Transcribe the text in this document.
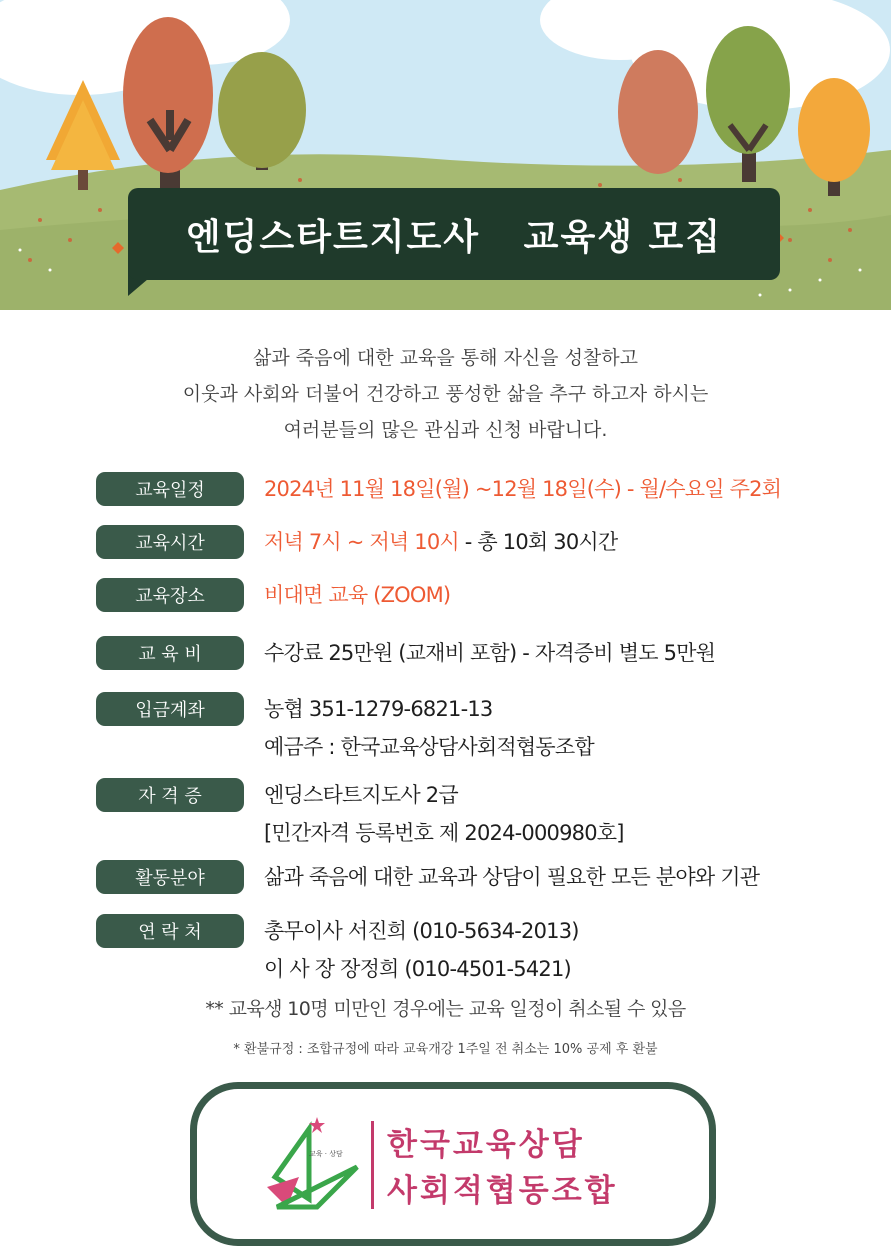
엔딩스타트지도사   교육생 모집
삶과 죽음에 대한 교육을 통해 자신을 성찰하고
이웃과 사회와 더불어 건강하고 풍성한 삶을 추구 하고자 하시는
여러분들의 많은 관심과 신청 바랍니다.
교육일정	2024년 11월 18일(월) ~12월 18일(수) - 월/수요일 주2회
교육시간	저녁 7시 ~ 저녁 10시 - 총 10회 30시간
교육장소	비대면 교육 (ZOOM)
교 육 비	수강료 25만원 (교재비 포함) - 자격증비 별도 5만원
입금계좌	농협 351-1279-6821-13
예금주 : 한국교육상담사회적협동조합
자 격 증	엔딩스타트지도사 2급
[민간자격 등록번호 제 2024-000980호]
활동분야	삶과 죽음에 대한 교육과 상담이 필요한 모든 분야와 기관
연 락 처	총무이사 서진희 (010-5634-2013)
이 사 장 장정희 (010-4501-5421)
** 교육생 10명 미만인 경우에는 교육 일정이 취소될 수 있음
* 환불규정 : 조합규정에 따라 교육개강 1주일 전 취소는 10% 공제 후 환불
교육 · 상담 한국교육상담
사회적협동조합
